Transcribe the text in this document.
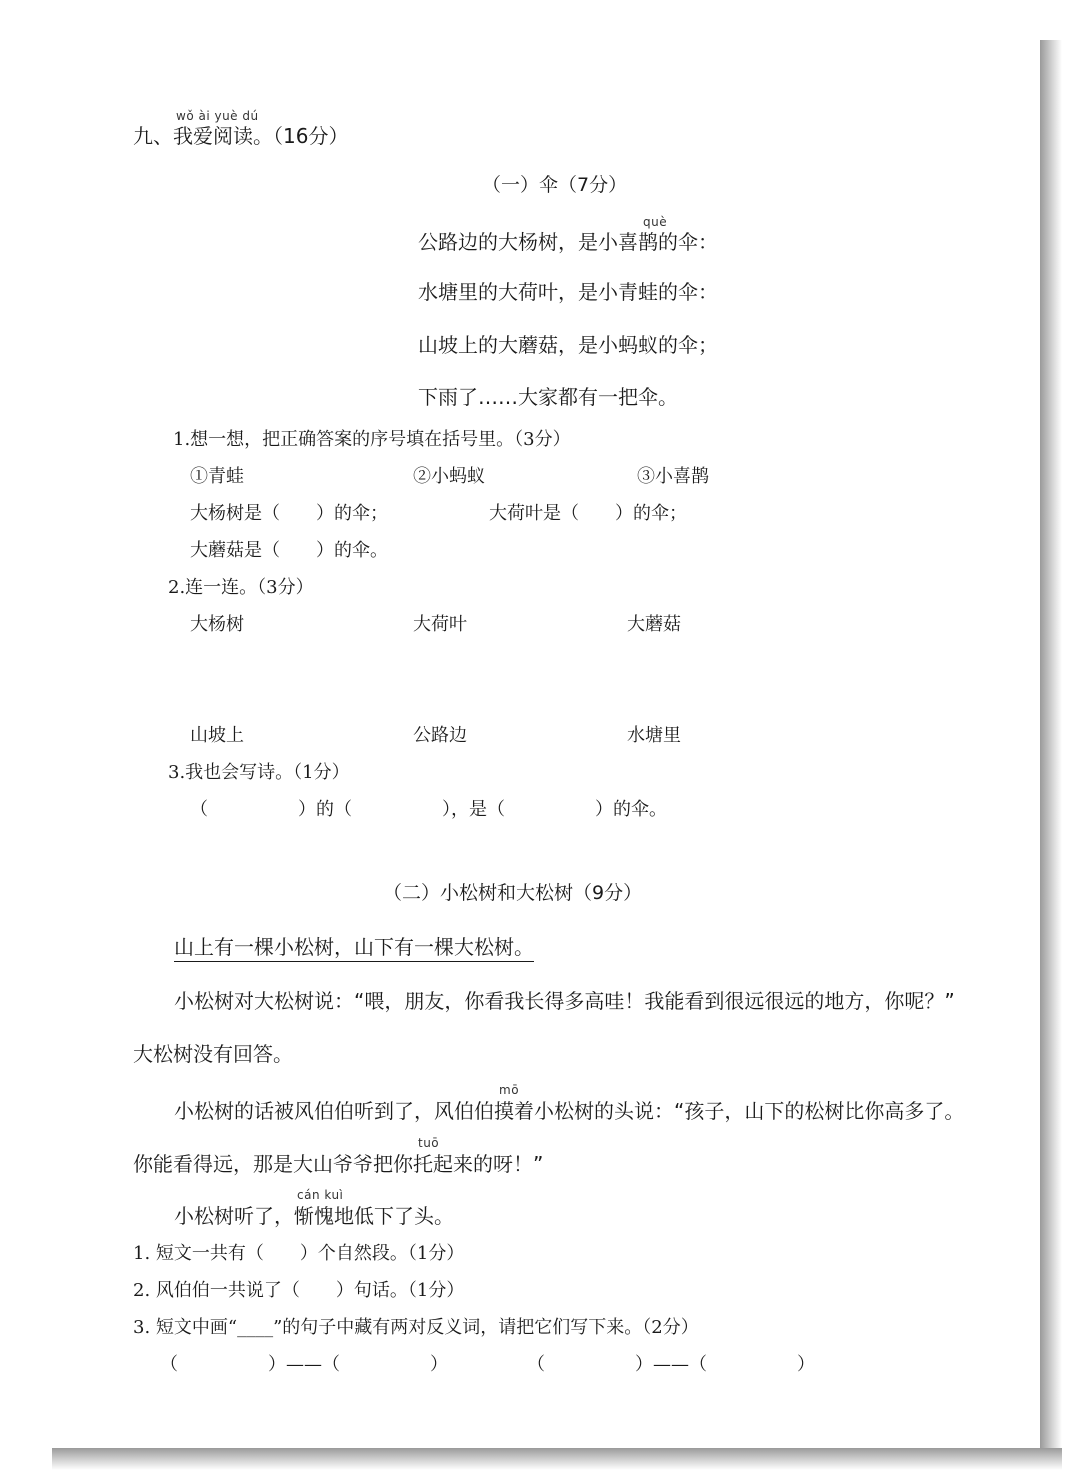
wǒ ài yuè dú
九、我爱阅读。（16分）
（一）伞（7分）
què
公路边的大杨树，是小喜鹊的伞：
水塘里的大荷叶，是小青蛙的伞：
山坡上的大蘑菇，是小蚂蚁的伞；
下雨了……大家都有一把伞。
1.想一想，把正确答案的序号填在括号里。（3分）
①青蛙	②小蚂蚁	③小喜鹊
大杨树是（　　）的伞；	大荷叶是（　　）的伞；
大蘑菇是（　　）的伞。
2.连一连。（3分）
大杨树	大荷叶	大蘑菇
山坡上	公路边	水塘里
3.我也会写诗。（1分）
（　　　　　）的（　　　　　），是（　　　　　）的伞。
（二）小松树和大松树（9分）
山上有一棵小松树，山下有一棵大松树。
小松树对大松树说：“喂，朋友，你看我长得多高哇！我能看到很远很远的地方，你呢？”
大松树没有回答。
mō
小松树的话被风伯伯听到了，风伯伯摸着小松树的头说：“孩子，山下的松树比你高多了。
tuō
你能看得远，那是大山爷爷把你托起来的呀！”
cán kuì
小松树听了，惭愧地低下了头。
1. 短文一共有（　　）个自然段。（1分）
2. 风伯伯一共说了（　　）句话。（1分）
3. 短文中画“____”的句子中藏有两对反义词，请把它们写下来。（2分）
（　　　　　）——（　　　　　）	（　　　　　）——（　　　　　）
